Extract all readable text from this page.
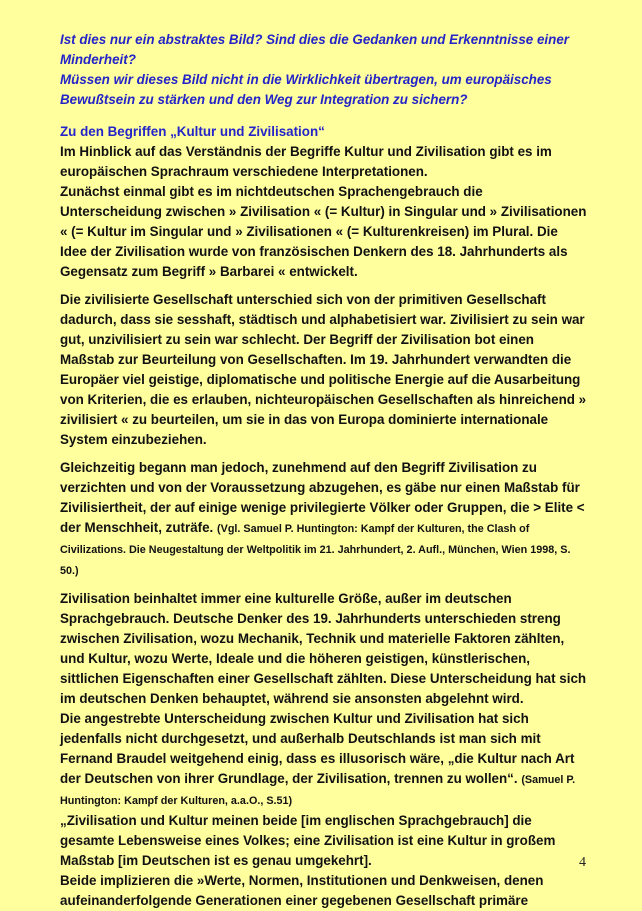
Ist dies nur ein abstraktes Bild? Sind dies die Gedanken und Erkenntnisse einer Minderheit?

Müssen wir dieses Bild nicht in die Wirklichkeit übertragen, um europäisches Bewußtsein zu stärken und den Weg zur Integration zu sichern?

Zu den Begriffen „Kultur und Zivilisation“

Im Hinblick auf das Verständnis der Begriffe Kultur und Zivilisation gibt es im europäischen Sprachraum verschiedene Interpretationen.

Zunächst einmal gibt es im nichtdeutschen Sprachengebrauch die Unterscheidung zwischen » Zivilisation « (= Kultur) in Singular und » Zivilisationen « (= Kultur im Singular und » Zivilisationen « (= Kulturenkreisen) im Plural. Die Idee der Zivilisation wurde von französischen Denkern des 18. Jahrhunderts als Gegensatz zum Begriff » Barbarei « entwickelt.

Die zivilisierte Gesellschaft unterschied sich von der primitiven Gesellschaft dadurch, dass sie sesshaft, städtisch und alphabetisiert war. Zivilisiert zu sein war gut, unzivilisiert zu sein war schlecht. Der Begriff der Zivilisation bot einen Maßstab zur Beurteilung von Gesellschaften. Im 19. Jahrhundert verwandten die Europäer viel geistige, diplomatische und politische Energie auf die Ausarbeitung von Kriterien, die es erlauben, nichteuropäischen Gesellschaften als hinreichend » zivilisiert « zu beurteilen, um sie in das von Europa dominierte internationale System einzubeziehen.

Gleichzeitig begann man jedoch, zunehmend auf den Begriff Zivilisation zu verzichten und von der Voraussetzung abzugehen, es gäbe nur einen Maßstab für Zivilisiertheit, der auf einige wenige privilegierte Völker oder Gruppen, die > Elite < der Menschheit, zuträfe. (Vgl. Samuel P. Huntington: Kampf der Kulturen, the Clash of Civilizations. Die Neugestaltung der Weltpolitik im 21. Jahrhundert, 2. Aufl., München, Wien 1998, S. 50.)

Zivilisation beinhaltet immer eine kulturelle Größe, außer im deutschen Sprachgebrauch. Deutsche Denker des 19. Jahrhunderts unterschieden streng zwischen Zivilisation, wozu Mechanik, Technik und materielle Faktoren zählten, und Kultur, wozu Werte, Ideale und die höheren geistigen, künstlerischen, sittlichen Eigenschaften einer Gesellschaft zählten. Diese Unterscheidung hat sich im deutschen Denken behauptet, während sie ansonsten abgelehnt wird.

Die angestrebte Unterscheidung zwischen Kultur und Zivilisation hat sich jedenfalls nicht durchgesetzt, und außerhalb Deutschlands ist man sich mit Fernand Braudel weitgehend einig, dass es illusorisch wäre, „die Kultur nach Art der Deutschen von ihrer Grundlage, der Zivilisation, trennen zu wollen“. (Samuel P. Huntington: Kampf der Kulturen, a.a.O., S.51)

„Zivilisation und Kultur meinen beide [im englischen Sprachgebrauch] die gesamte Lebensweise eines Volkes; eine Zivilisation ist eine Kultur in großem Maßstab [im Deutschen ist es genau umgekehrt].

Beide implizieren die »Werte, Normen, Institutionen und Denkweisen, denen aufeinanderfolgende Generationen einer gegebenen Gesellschaft primäre

4
